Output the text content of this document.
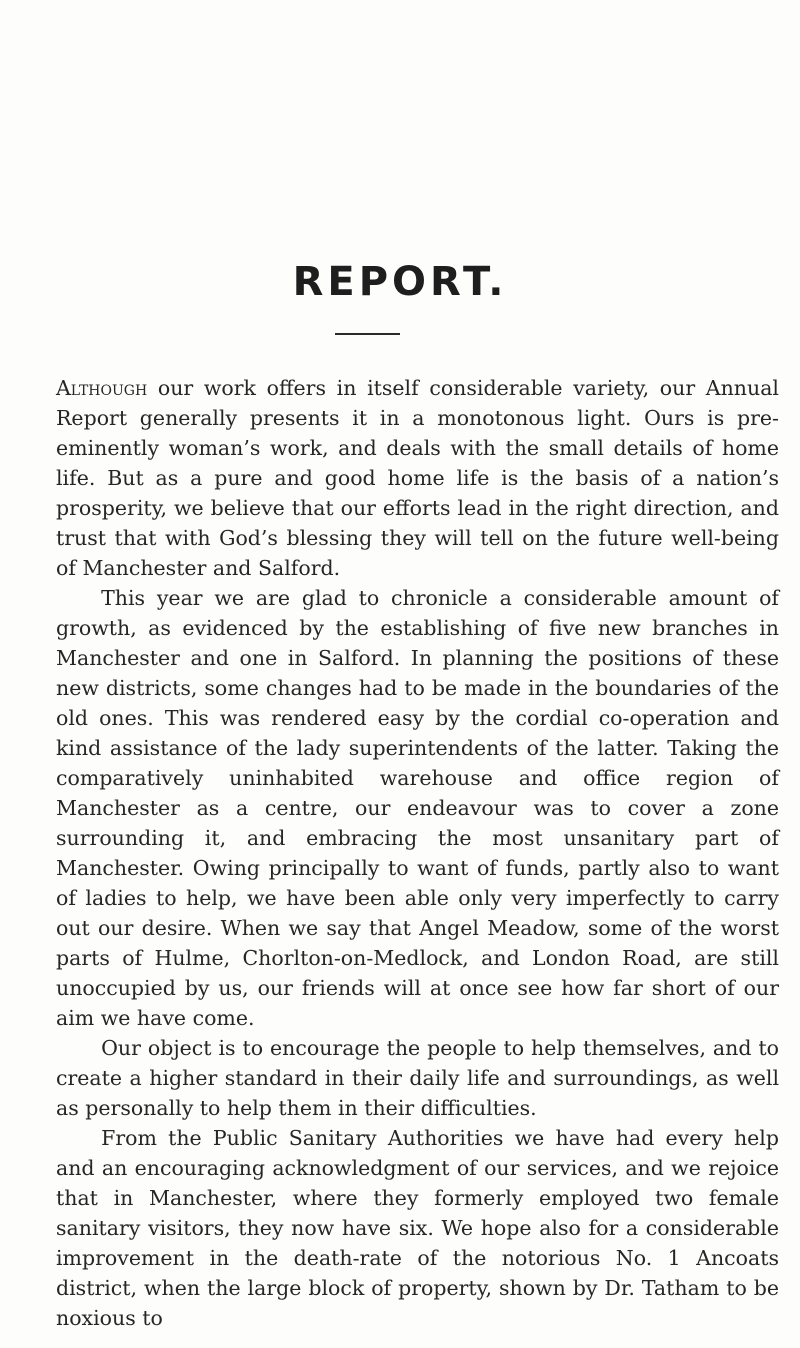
REPORT.

Although our work offers in itself considerable variety, our Annual Report generally presents it in a monotonous light. Ours is pre-eminently woman’s work, and deals with the small details of home life. But as a pure and good home life is the basis of a nation’s prosperity, we believe that our efforts lead in the right direction, and trust that with God’s blessing they will tell on the future well-being of Manchester and Salford.

This year we are glad to chronicle a considerable amount of growth, as evidenced by the establishing of five new branches in Manchester and one in Salford. In planning the positions of these new districts, some changes had to be made in the boundaries of the old ones. This was rendered easy by the cordial co-operation and kind assistance of the lady superintendents of the latter. Taking the comparatively uninhabited warehouse and office region of Manchester as a centre, our endeavour was to cover a zone surrounding it, and embracing the most unsanitary part of Manchester. Owing principally to want of funds, partly also to want of ladies to help, we have been able only very imperfectly to carry out our desire. When we say that Angel Meadow, some of the worst parts of Hulme, Chorlton-on-Medlock, and London Road, are still unoccupied by us, our friends will at once see how far short of our aim we have come.

Our object is to encourage the people to help themselves, and to create a higher standard in their daily life and surroundings, as well as personally to help them in their difficulties.

From the Public Sanitary Authorities we have had every help and an encouraging acknowledgment of our services, and we rejoice that in Manchester, where they formerly employed two female sanitary visitors, they now have six. We hope also for a considerable improvement in the death-rate of the notorious No. 1 Ancoats district, when the large block of property, shown by Dr. Tatham to be noxious to
